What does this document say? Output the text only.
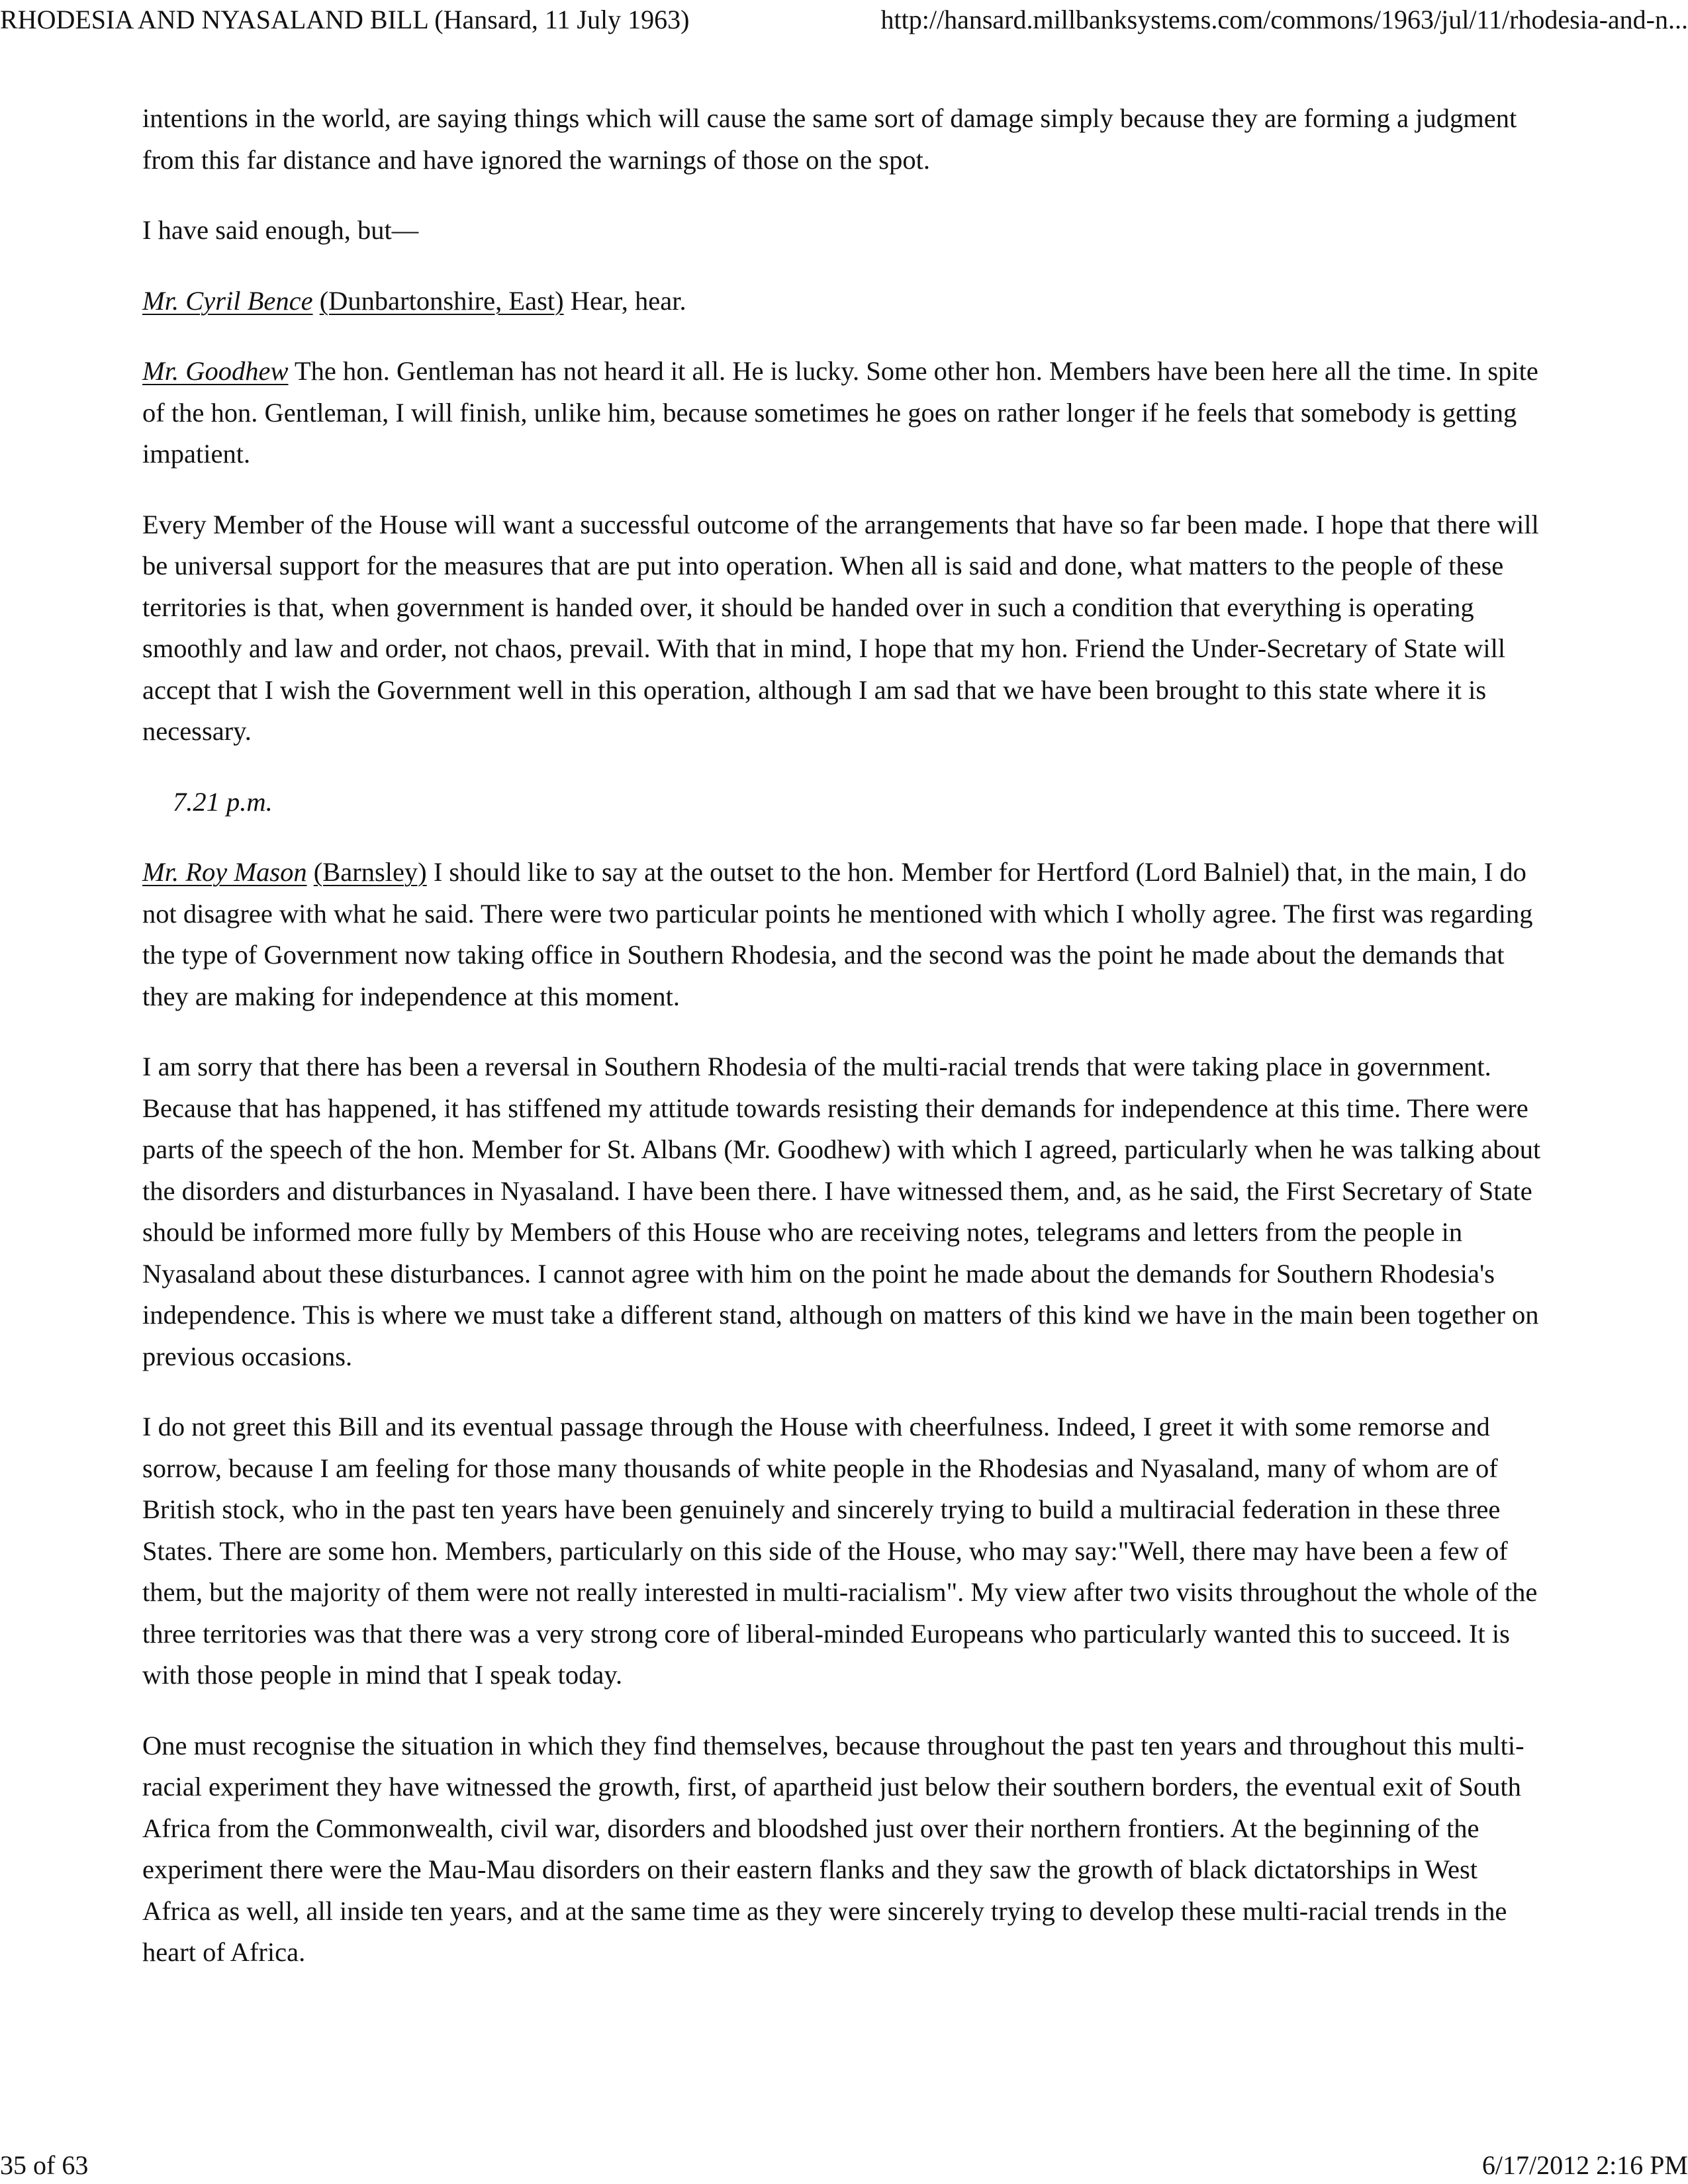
RHODESIA AND NYASALAND BILL (Hansard, 11 July 1963)	http://hansard.millbanksystems.com/commons/1963/jul/11/rhodesia-and-n...

intentions in the world, are saying things which will cause the same sort of damage simply because they are forming a judgment from this far distance and have ignored the warnings of those on the spot.

I have said enough, but—

Mr. Cyril Bence (Dunbartonshire, East) Hear, hear.

Mr. Goodhew The hon. Gentleman has not heard it all. He is lucky. Some other hon. Members have been here all the time. In spite of the hon. Gentleman, I will finish, unlike him, because sometimes he goes on rather longer if he feels that somebody is getting impatient.

Every Member of the House will want a successful outcome of the arrangements that have so far been made. I hope that there will be universal support for the measures that are put into operation. When all is said and done, what matters to the people of these territories is that, when government is handed over, it should be handed over in such a condition that everything is operating smoothly and law and order, not chaos, prevail. With that in mind, I hope that my hon. Friend the Under-Secretary of State will accept that I wish the Government well in this operation, although I am sad that we have been brought to this state where it is necessary.

7.21 p.m.

Mr. Roy Mason (Barnsley) I should like to say at the outset to the hon. Member for Hertford (Lord Balniel) that, in the main, I do not disagree with what he said. There were two particular points he mentioned with which I wholly agree. The first was regarding the type of Government now taking office in Southern Rhodesia, and the second was the point he made about the demands that they are making for independence at this moment.

I am sorry that there has been a reversal in Southern Rhodesia of the multi-racial trends that were taking place in government. Because that has happened, it has stiffened my attitude towards resisting their demands for independence at this time. There were parts of the speech of the hon. Member for St. Albans (Mr. Goodhew) with which I agreed, particularly when he was talking about the disorders and disturbances in Nyasaland. I have been there. I have witnessed them, and, as he said, the First Secretary of State should be informed more fully by Members of this House who are receiving notes, telegrams and letters from the people in Nyasaland about these disturbances. I cannot agree with him on the point he made about the demands for Southern Rhodesia's independence. This is where we must take a different stand, although on matters of this kind we have in the main been together on previous occasions.

I do not greet this Bill and its eventual passage through the House with cheerfulness. Indeed, I greet it with some remorse and sorrow, because I am feeling for those many thousands of white people in the Rhodesias and Nyasaland, many of whom are of British stock, who in the past ten years have been genuinely and sincerely trying to build a multiracial federation in these three States. There are some hon. Members, particularly on this side of the House, who may say:"Well, there may have been a few of them, but the majority of them were not really interested in multi-racialism". My view after two visits throughout the whole of the three territories was that there was a very strong core of liberal-minded Europeans who particularly wanted this to succeed. It is with those people in mind that I speak today.

One must recognise the situation in which they find themselves, because throughout the past ten years and throughout this multi-racial experiment they have witnessed the growth, first, of apartheid just below their southern borders, the eventual exit of South Africa from the Commonwealth, civil war, disorders and bloodshed just over their northern frontiers. At the beginning of the experiment there were the Mau-Mau disorders on their eastern flanks and they saw the growth of black dictatorships in West Africa as well, all inside ten years, and at the same time as they were sincerely trying to develop these multi-racial trends in the heart of Africa.

35 of 63	6/17/2012 2:16 PM
